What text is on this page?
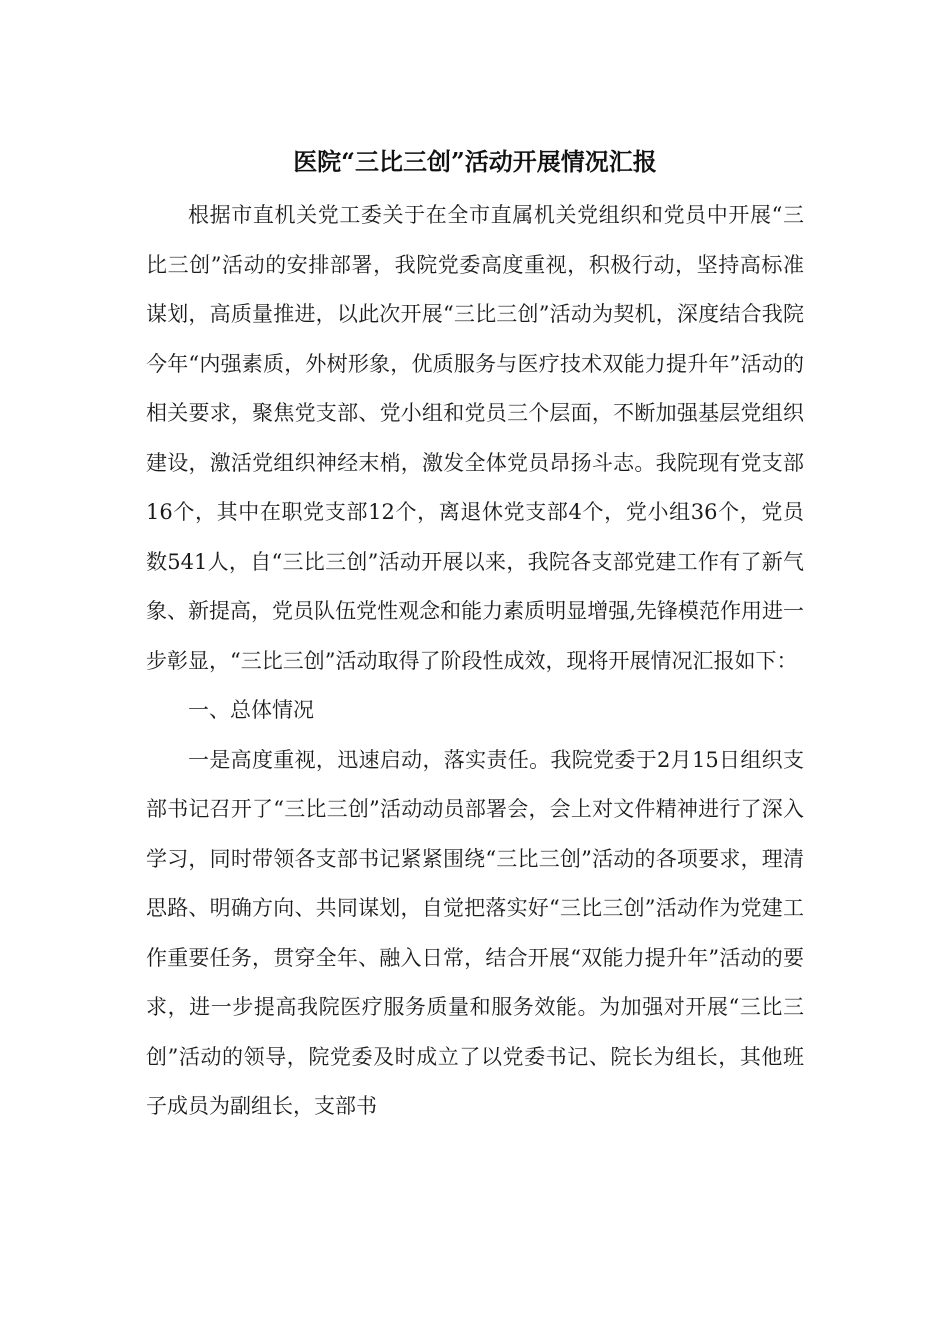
医院“三比三创”活动开展情况汇报

根据市直机关党工委关于在全市直属机关党组织和党员中开展“三比三创”活动的安排部署，我院党委高度重视，积极行动，坚持高标准谋划，高质量推进，以此次开展“三比三创”活动为契机，深度结合我院今年“内强素质，外树形象，优质服务与医疗技术双能力提升年”活动的相关要求，聚焦党支部、党小组和党员三个层面，不断加强基层党组织建设，激活党组织神经末梢，激发全体党员昂扬斗志。我院现有党支部16个，其中在职党支部12个，离退休党支部4个，党小组36个，党员数541人，自“三比三创”活动开展以来，我院各支部党建工作有了新气象、新提高，党员队伍党性观念和能力素质明显增强,先锋模范作用进一步彰显，“三比三创”活动取得了阶段性成效，现将开展情况汇报如下：

一、总体情况

一是高度重视，迅速启动，落实责任。我院党委于2月15日组织支部书记召开了“三比三创”活动动员部署会，会上对文件精神进行了深入学习，同时带领各支部书记紧紧围绕“三比三创”活动的各项要求，理清思路、明确方向、共同谋划，自觉把落实好“三比三创”活动作为党建工作重要任务，贯穿全年、融入日常，结合开展“双能力提升年”活动的要求，进一步提高我院医疗服务质量和服务效能。为加强对开展“三比三创”活动的领导，院党委及时成立了以党委书记、院长为组长，其他班子成员为副组长，支部书
